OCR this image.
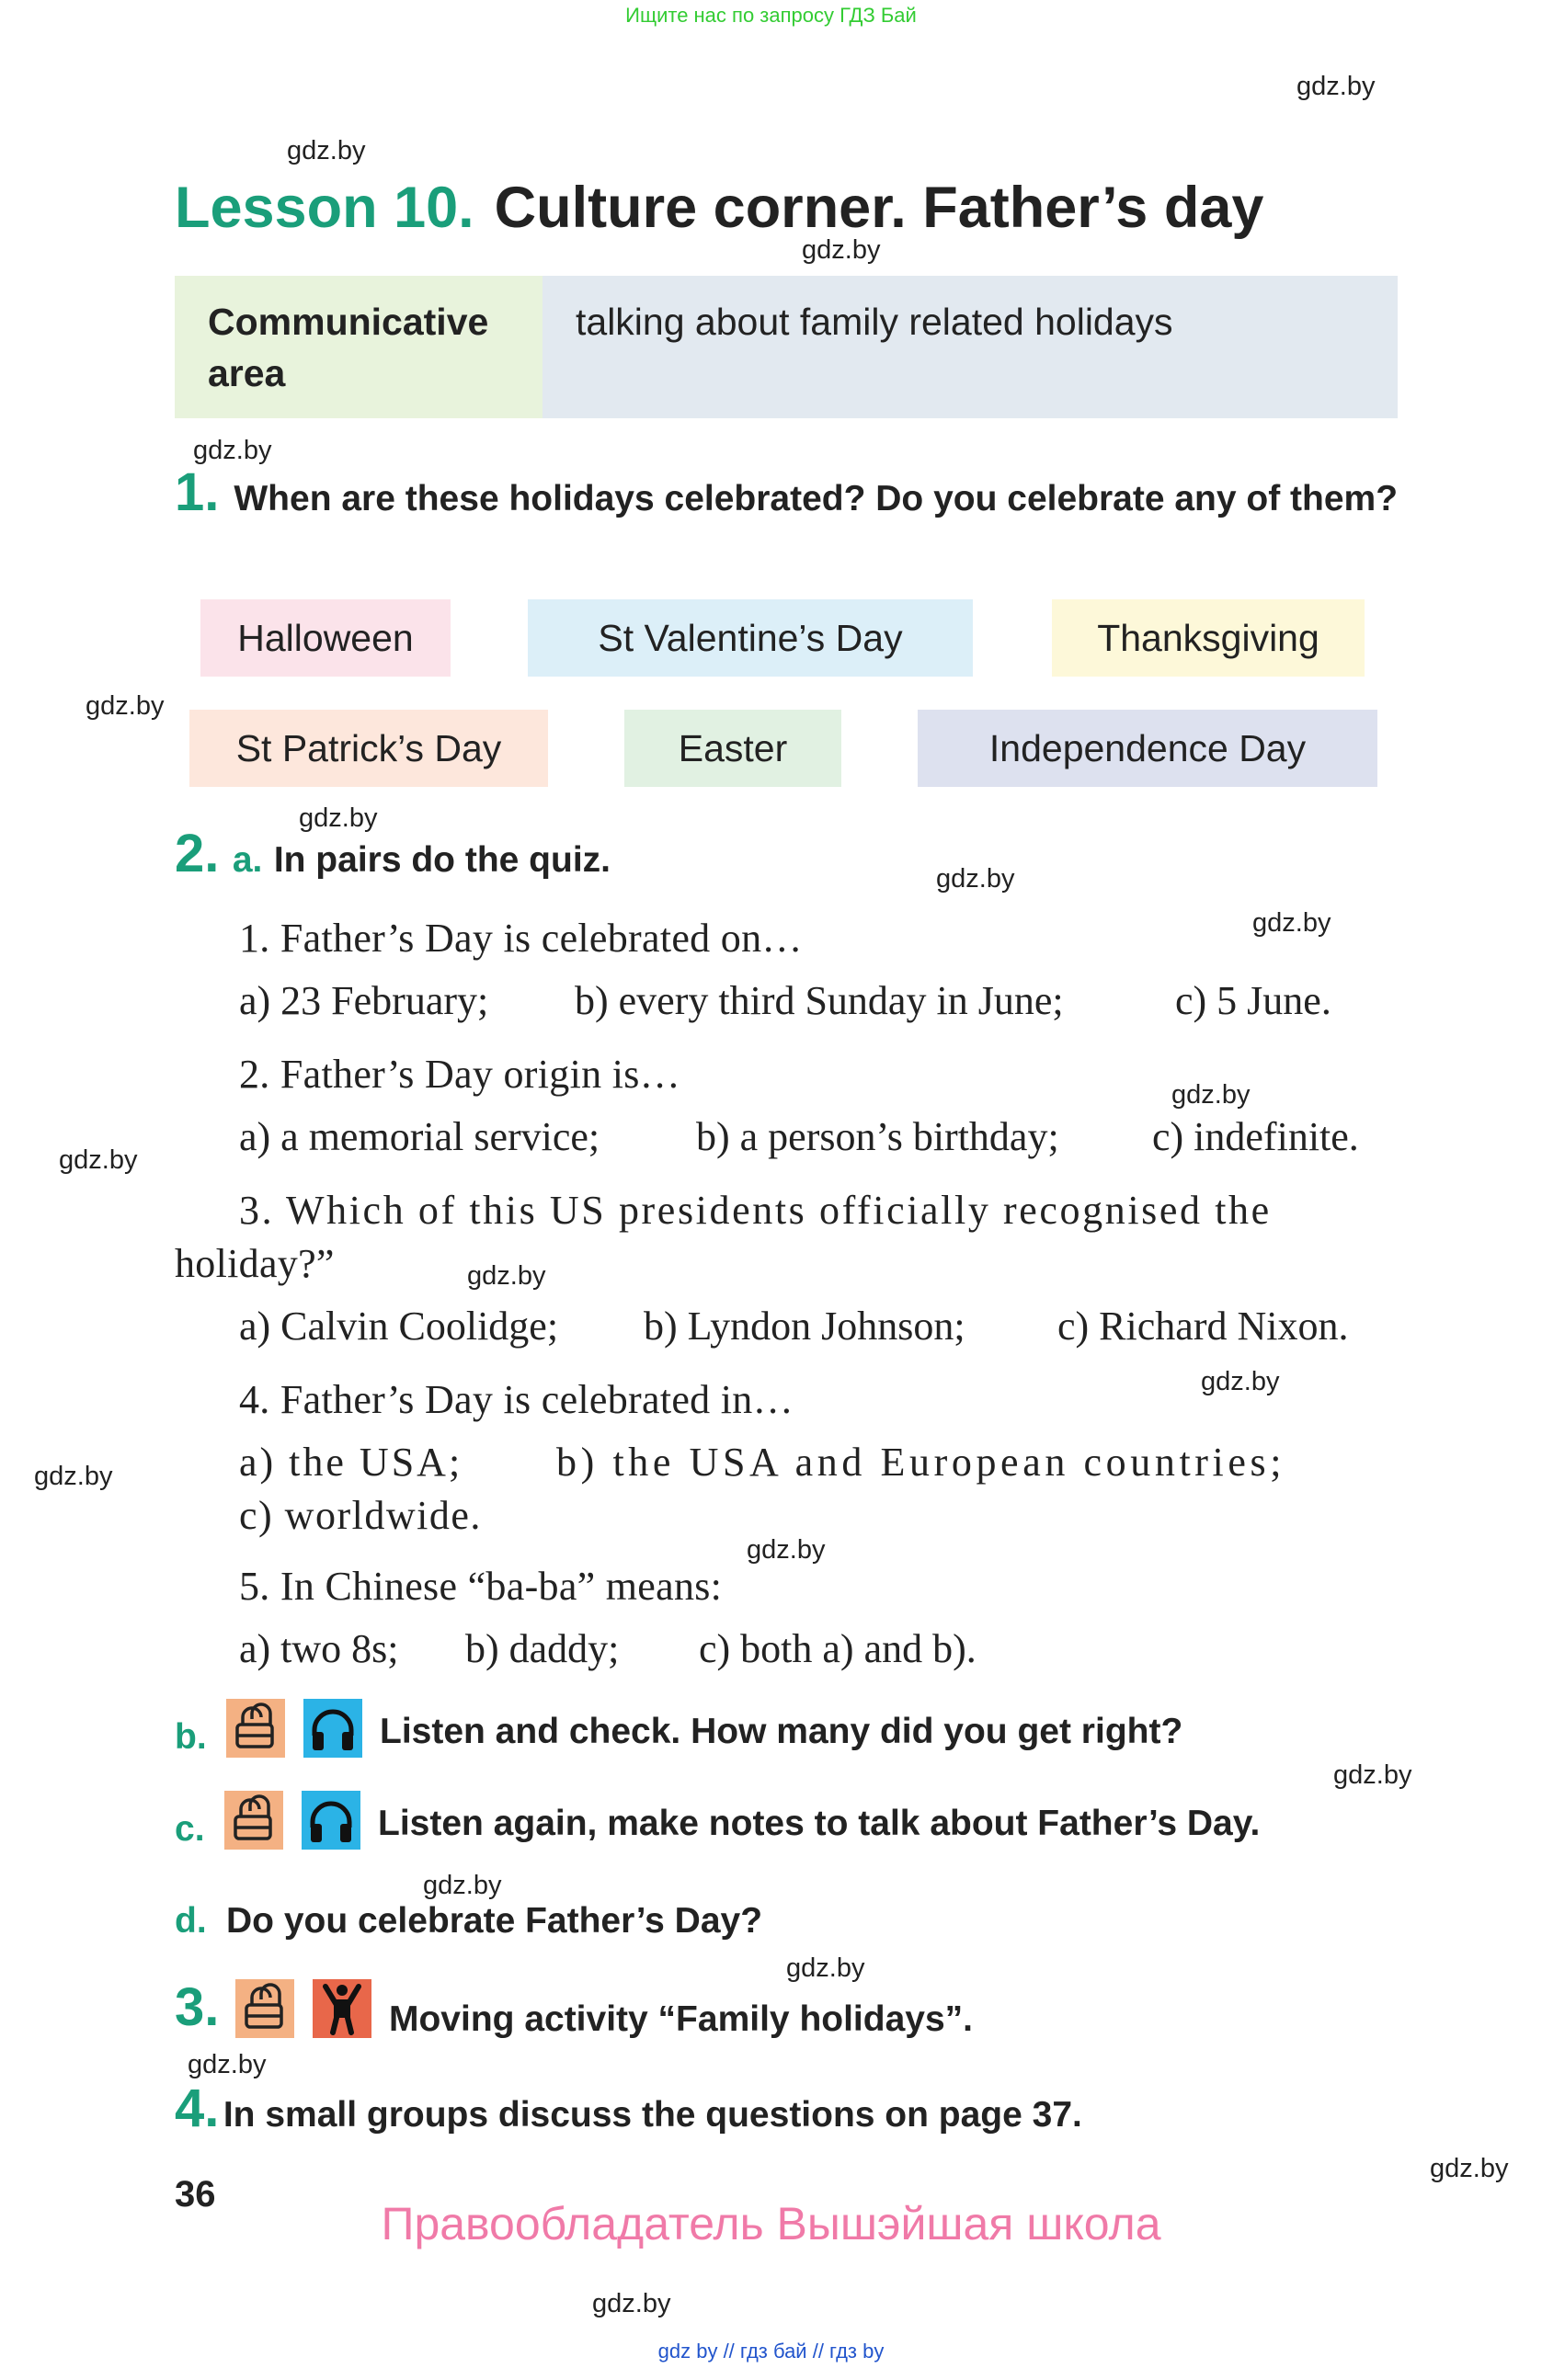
Ищите нас по запросу ГДЗ Бай
gdz.by
gdz.by
gdz.by
gdz.by
gdz.by
gdz.by
gdz.by
gdz.by
gdz.by
gdz.by
gdz.by
gdz.by
gdz.by
gdz.by
gdz.by
gdz.by
gdz.by
gdz.by
gdz.by
gdz.by
Lesson 10. Culture corner. Father’s day
Communicative area
talking about family related holidays
1. When are these holidays celebrated? Do you celebrate any of them?
Halloween	St Valentine’s Day	Thanksgiving
St Patrick’s Day	Easter	Independence Day
2. a. In pairs do the quiz.
1. Father’s Day is celebrated on…
a) 23 February; b) every third Sunday in June;	c) 5 June.
2. Father’s Day origin is…
a) a memorial service; b) a person’s birthday; c) indefinite.
3. Which of this US presidents officially recognised the
holiday?”
a) Calvin Coolidge; b) Lyndon Johnson; c) Richard Nixon.
4. Father’s Day is celebrated in…
a) the USA; b) the USA and European countries;
c) worldwide.
5. In Chinese “ba-ba” means:
a) two 8s; b) daddy; c) both a) and b).
b.	Listen and check. How many did you get right?
c.	Listen again, make notes to talk about Father’s Day.
d. Do you celebrate Father’s Day?
3.	Moving activity “Family holidays”.
4. In small groups discuss the questions on page 37.
36
Правообладатель Вышэйшая школа
gdz by // гдз бай // гдз by
